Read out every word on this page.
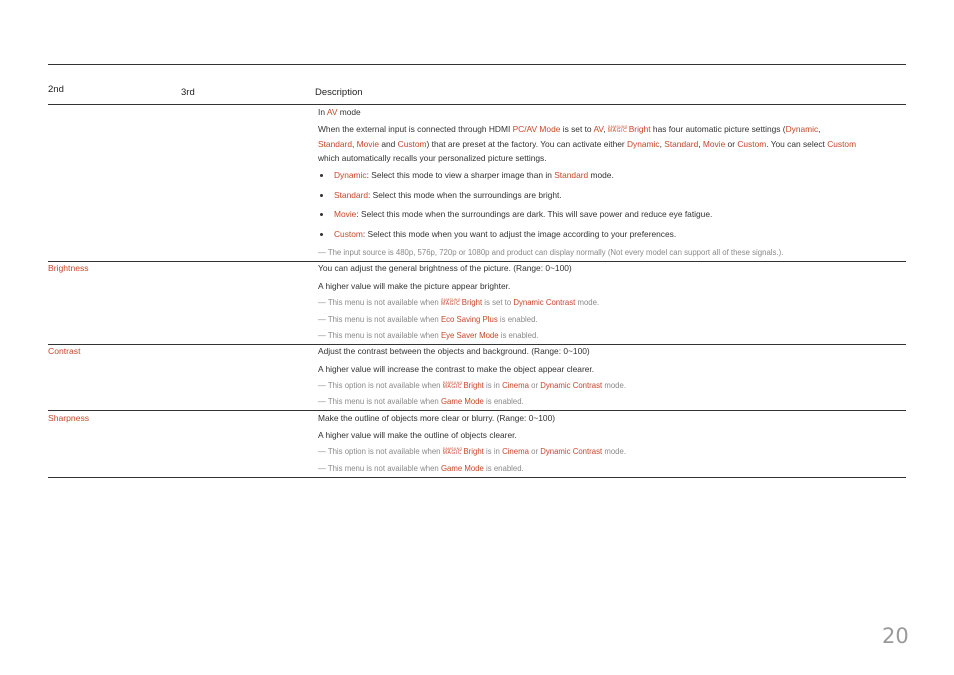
2nd	3rd	Description
In AV mode
When the external input is connected through HDMI PC/AV Mode is set to AV, SAMSUNG
MAGIC Bright has four automatic picture settings (Dynamic,
Standard, Movie and Custom) that are preset at the factory. You can activate either Dynamic, Standard, Movie or Custom. You can select Custom
which automatically recalls your personalized picture settings.
Dynamic: Select this mode to view a sharper image than in Standard mode.
Standard: Select this mode when the surroundings are bright.
Movie: Select this mode when the surroundings are dark. This will save power and reduce eye fatigue.
Custom: Select this mode when you want to adjust the image according to your preferences.
― The input source is 480p, 576p, 720p or 1080p and product can display normally (Not every model can support all of these signals.).
Brightness	You can adjust the general brightness of the picture. (Range: 0~100)
A higher value will make the picture appear brighter.
― This menu is not available when SAMSUNG
MAGIC Bright is set to Dynamic Contrast mode.
― This menu is not available when Eco Saving Plus is enabled.
― This menu is not available when Eye Saver Mode is enabled.
Contrast	Adjust the contrast between the objects and background. (Range: 0~100)
A higher value will increase the contrast to make the object appear clearer.
― This option is not available when SAMSUNG
MAGIC Bright is in Cinema or Dynamic Contrast mode.
― This menu is not available when Game Mode is enabled.
Sharpness	Make the outline of objects more clear or blurry. (Range: 0~100)
A higher value will make the outline of objects clearer.
― This option is not available when SAMSUNG
MAGIC Bright is in Cinema or Dynamic Contrast mode.
― This menu is not available when Game Mode is enabled.
20
